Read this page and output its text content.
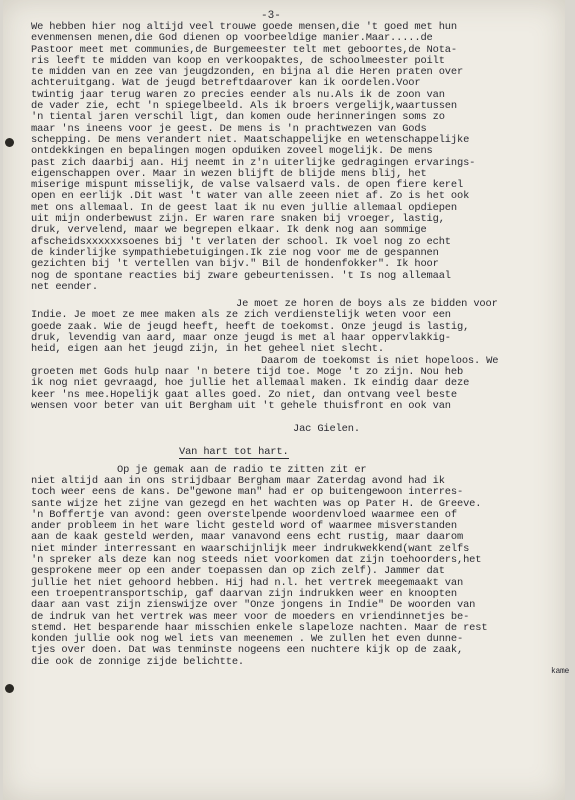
-3-
We hebben hier nog altijd veel trouwe goede mensen,die 't goed met hun
evenmensen menen,die God dienen op voorbeeldige manier.Maar.....de
Pastoor meet met communies,de Burgemeester telt met geboortes,de Nota-
ris leeft te midden van koop en verkoopaktes, de schoolmeester poilt
te midden van en zee van jeugdzonden, en bijna al die Heren praten over
achteruitgang. Wat de jeugd betreftdaarover kan ik oordelen.Voor
twintig jaar terug waren zo precies eender als nu.Als ik de zoon van
de vader zie, echt 'n spiegelbeeld. Als ik broers vergelijk,waartussen
'n tiental jaren verschil ligt, dan komen oude herinneringen soms zo
maar 'ns ineens voor je geest. De mens is 'n prachtwezen van Gods
schepping. De mens verandert niet. Maatschappelijke en wetenschappelijke
ontdekkingen en bepalingen mogen opduiken zoveel mogelijk. De mens
past zich daarbij aan. Hij neemt in z'n uiterlijke gedragingen ervarings-
eigenschappen over. Maar in wezen blijft de blijde mens blij, het
miserige mispunt misselijk, de valse valsaerd vals. de open fiere kerel
open en eerlijk .Dit wast 't water van alle zeeen niet af. Zo is het ook
met ons allemaal. In de geest laat ik nu even jullie allemaal opdiepen
uit mijn onderbewust zijn. Er waren rare snaken bij vroeger, lastig,
druk, vervelend, maar we begrepen elkaar. Ik denk nog aan sommige
afscheidsxxxxxxsoenes bij 't verlaten der school. Ik voel nog zo echt
de kinderlijke sympathiebetuigingen.Ik zie nog voor me de gespannen
gezichten bij 't vertellen van bijv." Bil de hondenfokker". Ik hoor
nog de spontane reacties bij zware gebeurtenissen. 't Is nog allemaal
net eender.
Je moet ze horen de boys als ze bidden voor
Indie. Je moet ze mee maken als ze zich verdienstelijk weten voor een
goede zaak. Wie de jeugd heeft, heeft de toekomst. Onze jeugd is lastig,
druk, levendig van aard, maar onze jeugd is met al haar oppervlakkig-
heid, eigen aan het jeugd zijn, in het geheel niet slecht.
Daarom de toekomst is niet hopeloos. We
groeten met Gods hulp naar 'n betere tijd toe. Moge 't zo zijn. Nou heb
ik nog niet gevraagd, hoe jullie het allemaal maken. Ik eindig daar deze
keer 'ns mee.Hopelijk gaat alles goed. Zo niet, dan ontvang veel beste
wensen voor beter van uit Bergham uit 't gehele thuisfront en ook van
Jac Gielen.
Van hart tot hart.
Op je gemak aan de radio te zitten zit er
niet altijd aan in ons strijdbaar Bergham maar Zaterdag avond had ik
toch weer eens de kans. De"gewone man" had er op buitengewoon interres-
sante wijze het zijne van gezegd en het wachten was op Pater H. de Greeve.
'n Boffertje van avond: geen overstelpende woordenvloed waarmee een of
ander probleem in het ware licht gesteld word of waarmee misverstanden
aan de kaak gesteld werden, maar vanavond eens echt rustig, maar daarom
niet minder interressant en waarschijnlijk meer indrukwekkend(want zelfs
'n spreker als deze kan nog steeds niet voorkomen dat zijn toehoorders,het
gesprokene meer op een ander toepassen dan op zich zelf). Jammer dat
jullie het niet gehoord hebben. Hij had n.l. het vertrek meegemaakt van
een troepentransportschip, gaf daarvan zijn indrukken weer en knoopten
daar aan vast zijn zienswijze over "Onze jongens in Indie" De woorden van
de indruk van het vertrek was meer voor de moeders en vriendinnetjes be-
stemd. Het besparende haar misschien enkele slapeloze nachten. Maar de rest
konden jullie ook nog wel iets van meenemen . We zullen het even dunne-
tjes over doen. Dat was tenminste nogeens een nuchtere kijk op de zaak,
die ook de zonnige zijde belichtte.
kame
